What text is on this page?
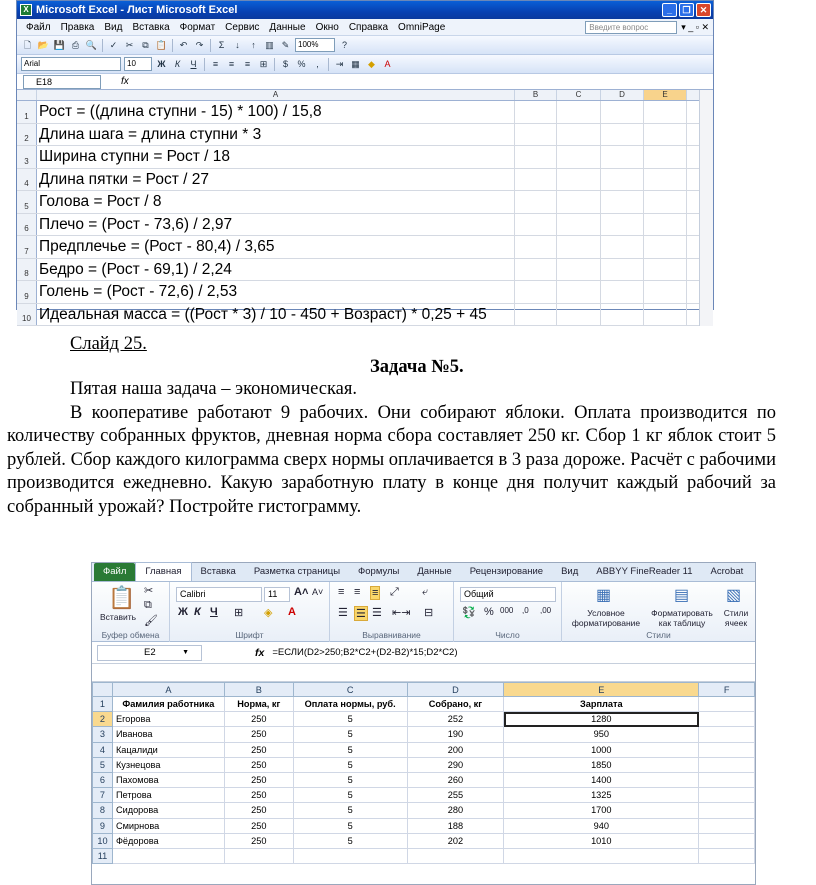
X Microsoft Excel - Лист Microsoft Excel	_	❐	✕
Файл	Правка	Вид	Вставка	Формат	Сервис	Данные	Окно	Справка	OmniPage	Введите вопрос	▾ _ ▫ ✕
🗋 📂 💾 ⎙ 🔍	✓ ✂	⧉ 📋	↶ ↷	Σ	↓	↑	▥ ✎	100%	?
Arial	10	Ж	К	Ч	≡	≡	≡	⊞	$	%	,	⇥ ▦ ◆	A
E18	fx
A	B	C	D	E
1 Рост = ((длина ступни - 15) * 100) / 15,8
2 Длина шага = длина ступни * 3
3 Ширина ступни = Рост / 18
4 Длина пятки = Рост / 27
5 Голова = Рост / 8
6 Плечо = (Рост - 73,6) / 2,97
7 Предплечье = (Рост - 80,4) / 3,65
8 Бедро = (Рост - 69,1) / 2,24
9 Голень = (Рост - 72,6) / 2,53
10 Идеальная масса = ((Рост * 3) / 10 - 450 + Возраст) * 0,25 + 45
Слайд 25.
Задача №5.
Пятая наша задача – экономическая.
В кооперативе работают 9 рабочих. Они собирают яблоки. Оплата производится по количеству собранных фруктов, дневная норма сбора составляет 250 кг. Сбор 1 кг яблок стоит 5 рублей. Сбор каждого килограмма сверх нормы оплачивается в 3 раза дороже. Расчёт с рабочими производится ежедневно. Какую заработную плату в конце дня получит каждый рабочий за собранный урожай? Постройте гистограмму.
Файл	Главная	Вставка	Разметка страницы	Формулы	Данные	Рецензирование	Вид	ABBYY FineReader 11	Acrobat
📋
Вставить
✂
⧉
🖌
Буфер обмена
Calibri	11	A˄ A˅
Ж К Ч ⊞ ◈ A
Шрифт
≡ ≡ ≡ ⤢ ⤶
☰ ☰ ☰ ⇤⇥ ⊟
Выравнивание
Общий
💱 % 000 ,0 ,00
Число
▦
Условное форматирование
▤
Форматировать как таблицу
▧
Стили ячеек
Стили
E2	▼	fx =ЕСЛИ(D2>250;B2*C2+(D2-B2)*15;D2*C2)
	A	B	C	D	E	F
1	Фамилия работника	Норма, кг	Оплата нормы, руб.	Собрано, кг	Зарплата	
2	Егорова	250	5	252	1280	
3	Иванова	250	5	190	950	
4	Кацалиди	250	5	200	1000	
5	Кузнецова	250	5	290	1850	
6	Пахомова	250	5	260	1400	
7	Петрова	250	5	255	1325	
8	Сидорова	250	5	280	1700	
9	Смирнова	250	5	188	940	
10	Фёдорова	250	5	202	1010	
11						
